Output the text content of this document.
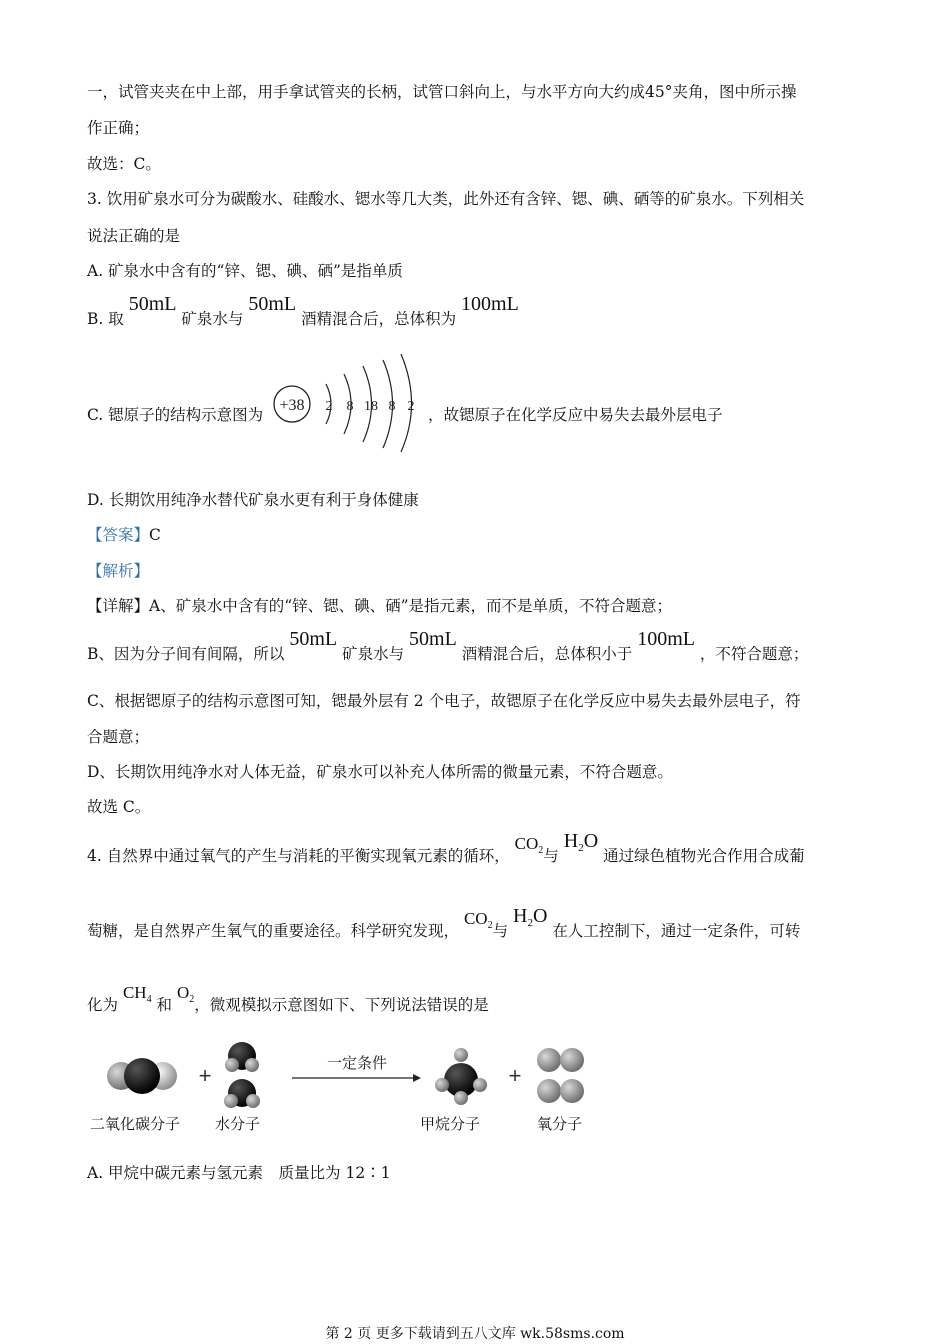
一，试管夹夹在中上部，用手拿试管夹的长柄，试管口斜向上，与水平方向大约成45°夹角，图中所示操
作正确；
故选：C。
3. 饮用矿泉水可分为碳酸水、硅酸水、锶水等几大类，此外还有含锌、锶、碘、硒等的矿泉水。下列相关
说法正确的是
A. 矿泉水中含有的“锌、锶、碘、硒”是指单质
B. 取 50mL 矿泉水与 50mL 酒精混合后，总体积为 100mL
C. 锶原子的结构示意图为
+38 2 8 18 8 2 ，故锶原子在化学反应中易失去最外层电子
D. 长期饮用纯净水替代矿泉水更有利于身体健康
【答案】C
【解析】
【详解】A、矿泉水中含有的“锌、锶、碘、硒”是指元素，而不是单质，不符合题意；
B、因为分子间有间隔，所以 50mL 矿泉水与 50mL 酒精混合后，总体积小于 100mL ，不符合题意；
C、根据锶原子的结构示意图可知，锶最外层有 2 个电子，故锶原子在化学反应中易失去最外层电子，符
合题意；
D、长期饮用纯净水对人体无益，矿泉水可以补充人体所需的微量元素，不符合题意。
故选 C。
4. 自然界中通过氧气的产生与消耗的平衡实现氧元素的循环， $CO_2$与 $H_2O$ 通过绿色植物光合作用合成葡
萄糖，是自然界产生氧气的重要途径。科学研究发现， $CO_2$与 $H_2O$ 在人工控制下，通过一定条件，可转
化为 $CH_4$ 和 $O_2$，微观模拟示意图如下、下列说法错误的是
+	一定条件	+
二氧化碳分子 水分子	甲烷分子	氧分子
A. 甲烷中碳元素与氢元素　质量比为 12∶1
第 2 页 更多下载请到五八文库 wk.58sms.com
